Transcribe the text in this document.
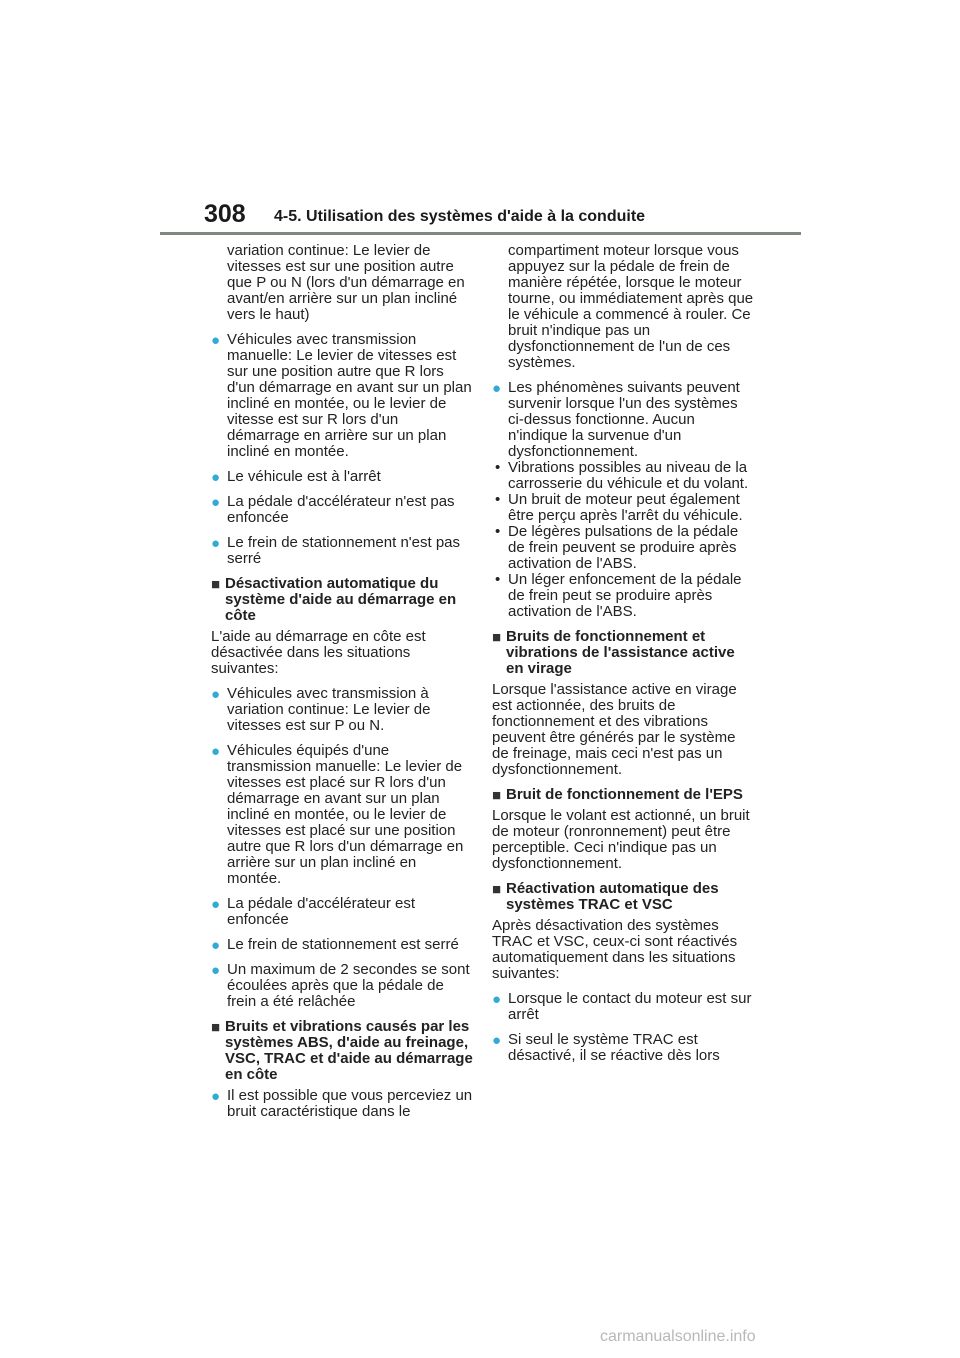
308 4-5. Utilisation des systèmes d'aide à la conduite
variation continue: Le levier de vitesses est sur une position autre que P ou N (lors d'un démarrage en avant/en arrière sur un plan incliné vers le haut)
● Véhicules avec transmission manuelle: Le levier de vitesses est sur une position autre que R lors d'un démarrage en avant sur un plan incliné en montée, ou le levier de vitesse est sur R lors d'un démarrage en arrière sur un plan incliné en montée.
● Le véhicule est à l'arrêt
● La pédale d'accélérateur n'est pas enfoncée
● Le frein de stationnement n'est pas serré
■ Désactivation automatique du système d'aide au démarrage en côte
L'aide au démarrage en côte est désactivée dans les situations suivantes:
● Véhicules avec transmission à variation continue: Le levier de vitesses est sur P ou N.
● Véhicules équipés d'une transmission manuelle: Le levier de vitesses est placé sur R lors d'un démarrage en avant sur un plan incliné en montée, ou le levier de vitesses est placé sur une position autre que R lors d'un démarrage en arrière sur un plan incliné en montée.
● La pédale d'accélérateur est enfoncée
● Le frein de stationnement est serré
● Un maximum de 2 secondes se sont écoulées après que la pédale de frein a été relâchée
■ Bruits et vibrations causés par les systèmes ABS, d'aide au freinage, VSC, TRAC et d'aide au démarrage en côte
● Il est possible que vous perceviez un bruit caractéristique dans le
compartiment moteur lorsque vous appuyez sur la pédale de frein de manière répétée, lorsque le moteur tourne, ou immédiatement après que le véhicule a commencé à rouler. Ce bruit n'indique pas un dysfonctionnement de l'un de ces systèmes.
● Les phénomènes suivants peuvent survenir lorsque l'un des systèmes ci-dessus fonctionne. Aucun n'indique la survenue d'un dysfonctionnement.
• Vibrations possibles au niveau de la carrosserie du véhicule et du volant.
• Un bruit de moteur peut également être perçu après l'arrêt du véhicule.
• De légères pulsations de la pédale de frein peuvent se produire après activation de l'ABS.
• Un léger enfoncement de la pédale de frein peut se produire après activation de l'ABS.
■ Bruits de fonctionnement et vibrations de l'assistance active en virage
Lorsque l'assistance active en virage est actionnée, des bruits de fonctionnement et des vibrations peuvent être générés par le système de freinage, mais ceci n'est pas un dysfonctionnement.
■ Bruit de fonctionnement de l'EPS
Lorsque le volant est actionné, un bruit de moteur (ronronnement) peut être perceptible. Ceci n'indique pas un dysfonctionnement.
■ Réactivation automatique des systèmes TRAC et VSC
Après désactivation des systèmes TRAC et VSC, ceux-ci sont réactivés automatiquement dans les situations suivantes:
● Lorsque le contact du moteur est sur arrêt
● Si seul le système TRAC est désactivé, il se réactive dès lors
carmanualsonline.info
